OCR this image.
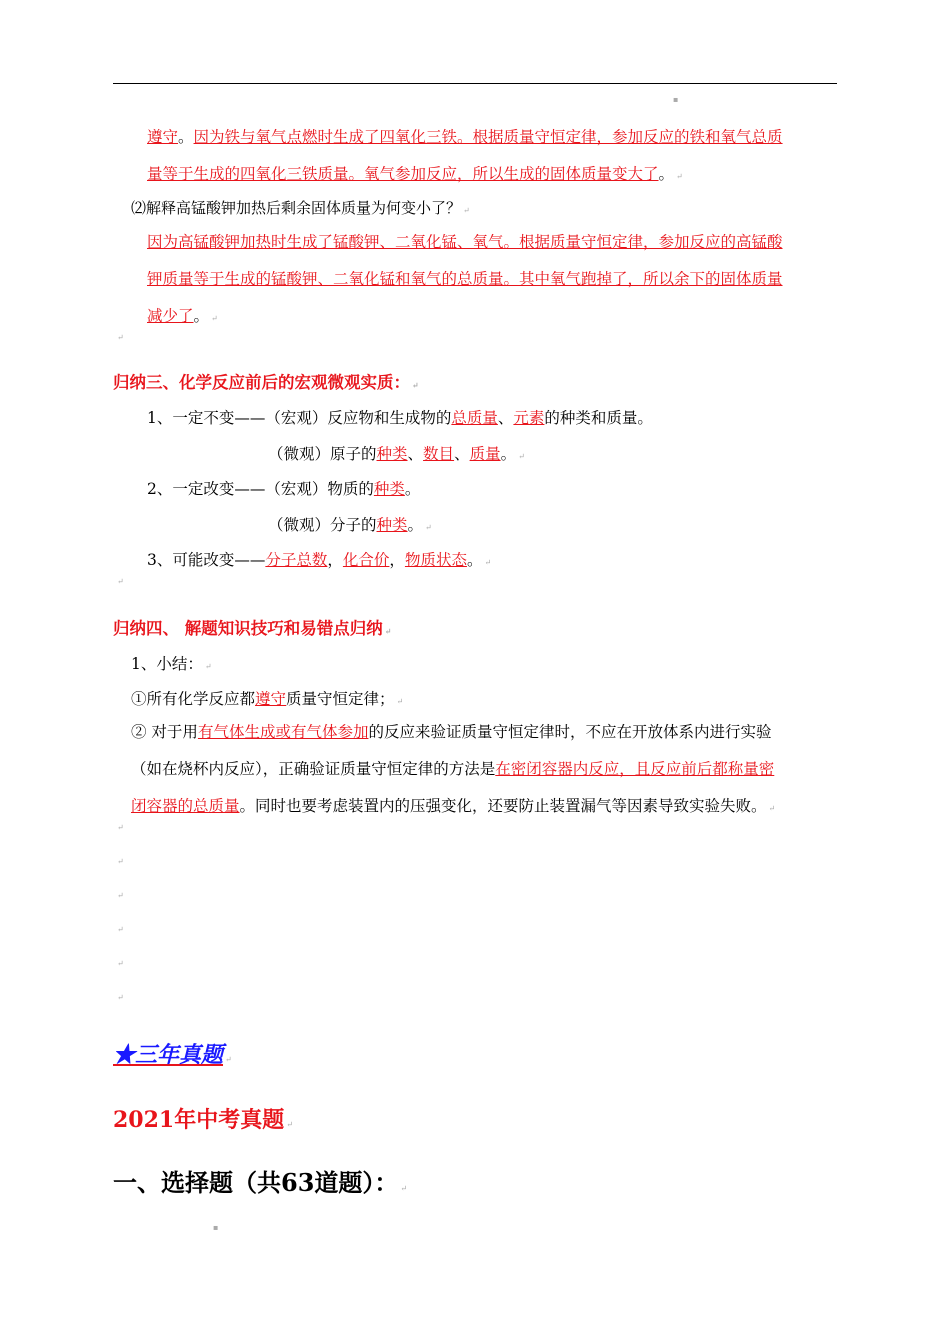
▪
遵守。因为铁与氧气点燃时生成了四氧化三铁。根据质量守恒定律，参加反应的铁和氧气总质
量等于生成的四氧化三铁质量。氧气参加反应，所以生成的固体质量变大了。 ↵
⑵解释高锰酸钾加热后剩余固体质量为何变小了？ ↵
因为高锰酸钾加热时生成了锰酸钾、二氧化锰、氧气。根据质量守恒定律，参加反应的高锰酸
钾质量等于生成的锰酸钾、二氧化锰和氧气的总质量。其中氧气跑掉了，所以余下的固体质量
减少了。 ↵
↵
归纳三、化学反应前后的宏观微观实质： ↵
1、一定不变——（宏观）反应物和生成物的总质量、元素的种类和质量。
（微观）原子的种类、数目、质量。 ↵
2、一定改变——（宏观）物质的种类。
（微观）分子的种类。 ↵
3、可能改变——分子总数，化合价，物质状态。 ↵
↵
归纳四、 解题知识技巧和易错点归纳 ↵
1、小结： ↵
①所有化学反应都遵守质量守恒定律； ↵
② 对于用有气体生成或有气体参加的反应来验证质量守恒定律时，不应在开放体系内进行实验
（如在烧杯内反应），正确验证质量守恒定律的方法是在密闭容器内反应，且反应前后都称量密
闭容器的总质量。同时也要考虑装置内的压强变化，还要防止装置漏气等因素导致实验失败。 ↵
↵
↵
↵
↵
↵
↵
★三年真题 ↵
2021年中考真题 ↵
一、选择题（共63道题）： ↵
▪
